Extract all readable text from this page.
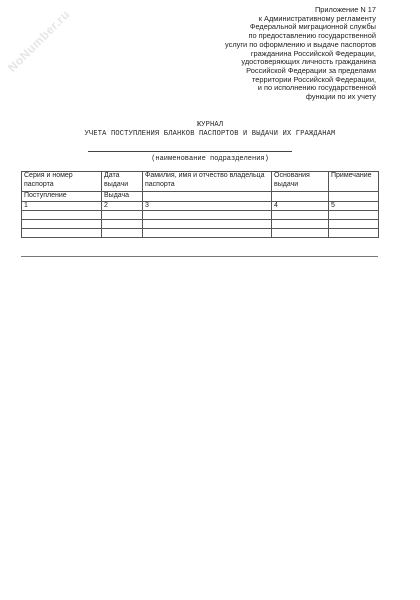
NoNumber.ru	Приложение N 17
к Административному регламенту
Федеральной миграционной службы
по предоставлению государственной
услуги по оформлению и выдаче паспортов
гражданина Российской Федерации,
удостоверяющих личность гражданина
Российской Федерации за пределами
территории Российской Федерации,
и по исполнению государственной
функции по их учету
ЖУРНАЛ
УЧЕТА ПОСТУПЛЕНИЯ БЛАНКОВ ПАСПОРТОВ И ВЫДАЧИ ИХ ГРАЖДАНАМ
(наименование подразделения)
Серия и номер паспорта	Дата выдачи	Фамилия, имя и отчество владельца паспорта	Основания выдачи	Примечание
Поступление	Выдача			
1	2	3	4	5
